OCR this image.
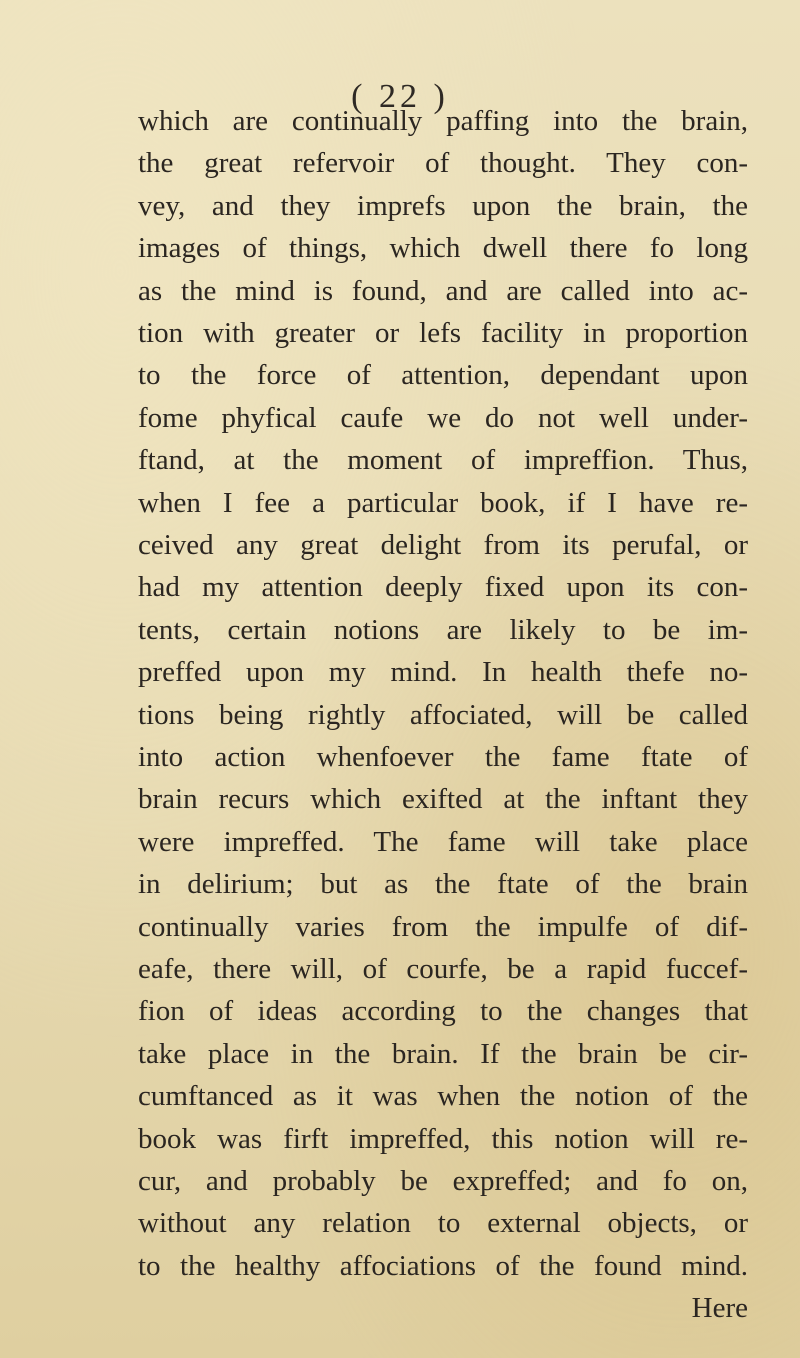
( 22 )
which are continually paffing into the brain,
the great refervoir of thought. They con-
vey, and they imprefs upon the brain, the
images of things, which dwell there fo long
as the mind is found, and are called into ac-
tion with greater or lefs facility in proportion
to the force of attention, dependant upon
fome phyfical caufe we do not well under-
ftand, at the moment of impreffion. Thus,
when I fee a particular book, if I have re-
ceived any great delight from its perufal, or
had my attention deeply fixed upon its con-
tents, certain notions are likely to be im-
preffed upon my mind. In health thefe no-
tions being rightly affociated, will be called
into action whenfoever the fame ftate of
brain recurs which exifted at the inftant they
were impreffed. The fame will take place
in delirium; but as the ftate of the brain
continually varies from the impulfe of dif-
eafe, there will, of courfe, be a rapid fuccef-
fion of ideas according to the changes that
take place in the brain. If the brain be cir-
cumftanced as it was when the notion of the
book was firft impreffed, this notion will re-
cur, and probably be expreffed; and fo on,
without any relation to external objects, or
to the healthy affociations of the found mind.
Here
